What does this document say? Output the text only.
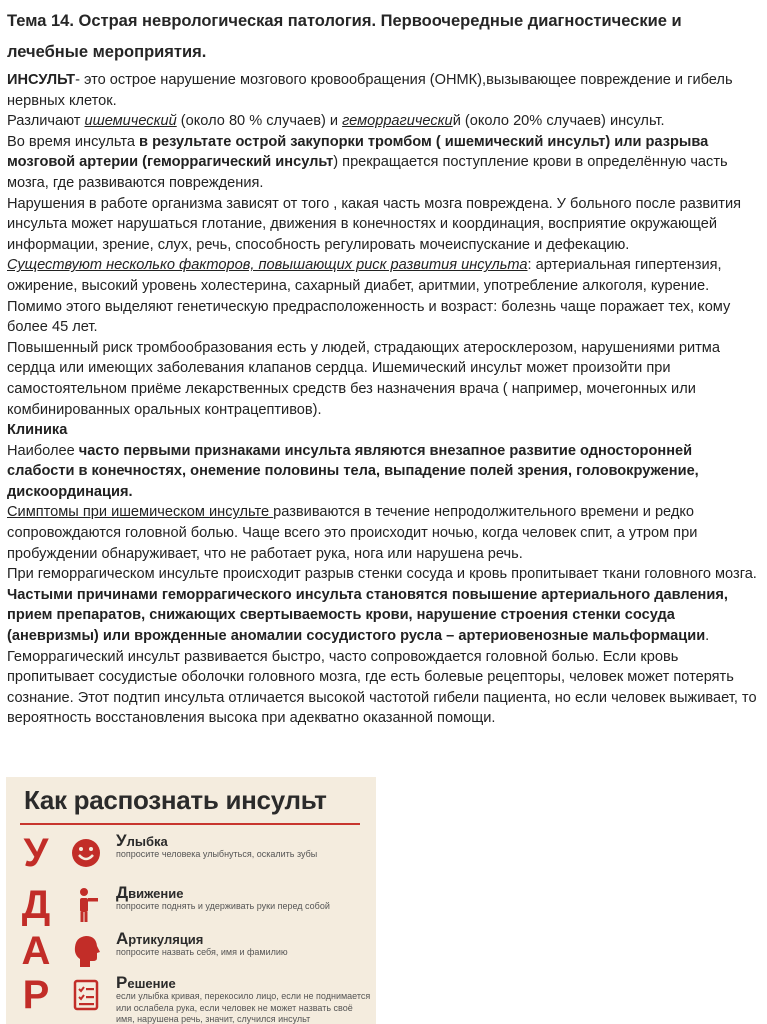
Тема 14. Острая неврологическая патология. Первоочередные диагностические и
лечебные мероприятия.

ИНСУЛЬТ- это острое нарушение мозгового кровообращения (ОНМК),вызывающее повреждение и гибель нервных клеток.

Различают ишемический (около 80 % случаев) и геморрагический (около 20% случаев) инсульт.

Во время инсульта в результате острой закупорки тромбом ( ишемический инсульт) или разрыва мозговой артерии (геморрагический инсульт) прекращается поступление крови в определённую часть мозга, где развиваются повреждения.

Нарушения в работе организма зависят от того , какая часть мозга повреждена. У больного после развития инсульта может нарушаться глотание, движения в конечностях и координация, восприятие окружающей информации, зрение, слух, речь, способность регулировать мочеиспускание и дефекацию.

Существуют несколько факторов, повышающих риск развития инсульта: артериальная гипертензия, ожирение, высокий уровень холестерина, сахарный диабет, аритмии, употребление алкоголя, курение. Помимо этого выделяют генетическую предрасположенность и возраст: болезнь чаще поражает тех, кому более 45 лет.

Повышенный риск тромбообразования есть у людей, страдающих атеросклерозом, нарушениями ритма сердца или имеющих заболевания клапанов сердца. Ишемический инсульт может произойти при самостоятельном приёме лекарственных средств без назначения врача ( например, мочегонных или комбинированных оральных контрацептивов).

Клиника

Наиболее часто первыми признаками инсульта являются внезапное развитие односторонней слабости в конечностях, онемение половины тела, выпадение полей зрения, головокружение, дискоординация.

Симптомы при ишемическом инсульте развиваются в течение непродолжительного времени и редко сопровождаются головной болью. Чаще всего это происходит ночью, когда человек спит, а утром при пробуждении обнаруживает, что не работает рука, нога или нарушена речь.

При геморрагическом инсульте происходит разрыв стенки сосуда и кровь пропитывает ткани головного мозга. Частыми причинами геморрагического инсульта становятся повышение артериального давления, прием препаратов, снижающих свертываемость крови, нарушение строения стенки сосуда (аневризмы) или врожденные аномалии сосудистого русла – артериовенозные мальформации. Геморрагический инсульт развивается быстро, часто сопровождается головной болью. Если кровь пропитывает сосудистые оболочки головного мозга, где есть болевые рецепторы, человек может потерять сознание. Этот подтип инсульта отличается высокой частотой гибели пациента, но если человек выживает, то вероятность восстановления высока при адекватно оказанной помощи.

Как распознать инсульт
У	Улыбка
попросите человека улыбнуться, оскалить зубы
Д	Движение
попросите поднять и удерживать руки перед собой
А	Артикуляция
попросите назвать себя, имя и фамилию
Р	Решение
если улыбка кривая, перекосило лицо, если не поднимается или ослабела рука, если человек не может назвать своё имя, нарушена речь, значит, случился инсульт
